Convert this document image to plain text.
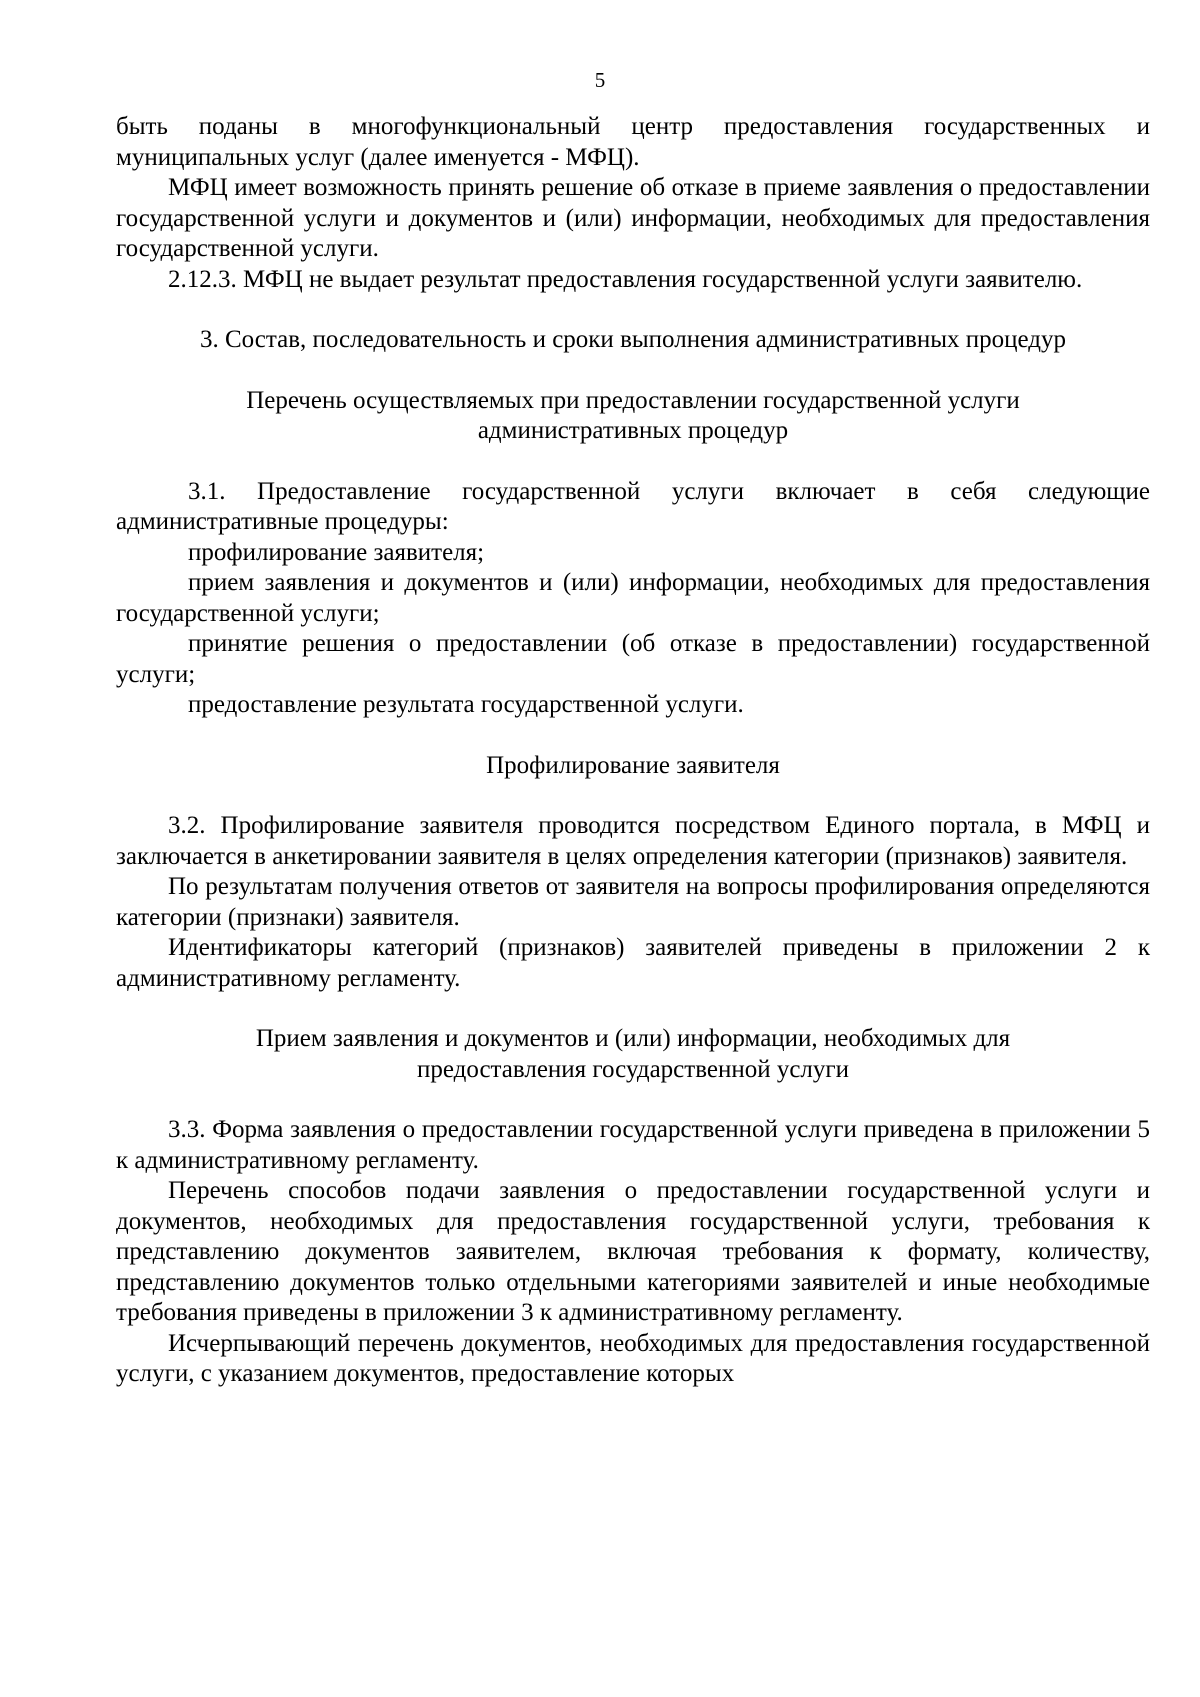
5

быть поданы в многофункциональный центр предоставления государственных и муниципальных услуг (далее именуется - МФЦ).

МФЦ имеет возможность принять решение об отказе в приеме заявления о предоставлении государственной услуги и документов и (или) информации, необходимых для предоставления государственной услуги.

2.12.3. МФЦ не выдает результат предоставления государственной услуги заявителю.

3. Состав, последовательность и сроки выполнения административных процедур

Перечень осуществляемых при предоставлении государственной услуги

административных процедур

3.1. Предоставление государственной услуги включает в себя следующие административные процедуры:

профилирование заявителя;

прием заявления и документов и (или) информации, необходимых для предоставления государственной услуги;

принятие решения о предоставлении (об отказе в предоставлении) государственной услуги;

предоставление результата государственной услуги.

Профилирование заявителя

3.2. Профилирование заявителя проводится посредством Единого портала, в МФЦ и заключается в анкетировании заявителя в целях определения категории (признаков) заявителя.

По результатам получения ответов от заявителя на вопросы профилирования определяются категории (признаки) заявителя.

Идентификаторы категорий (признаков) заявителей приведены в приложении 2 к административному регламенту.

Прием заявления и документов и (или) информации, необходимых для

предоставления государственной услуги

3.3. Форма заявления о предоставлении государственной услуги приведена в приложении 5 к административному регламенту.

Перечень способов подачи заявления о предоставлении государственной услуги и документов, необходимых для предоставления государственной услуги, требования к представлению документов заявителем, включая требования к формату, количеству, представлению документов только отдельными категориями заявителей и иные необходимые требования приведены в приложении 3 к административному регламенту.

Исчерпывающий перечень документов, необходимых для предоставления государственной услуги, с указанием документов, предоставление которых
